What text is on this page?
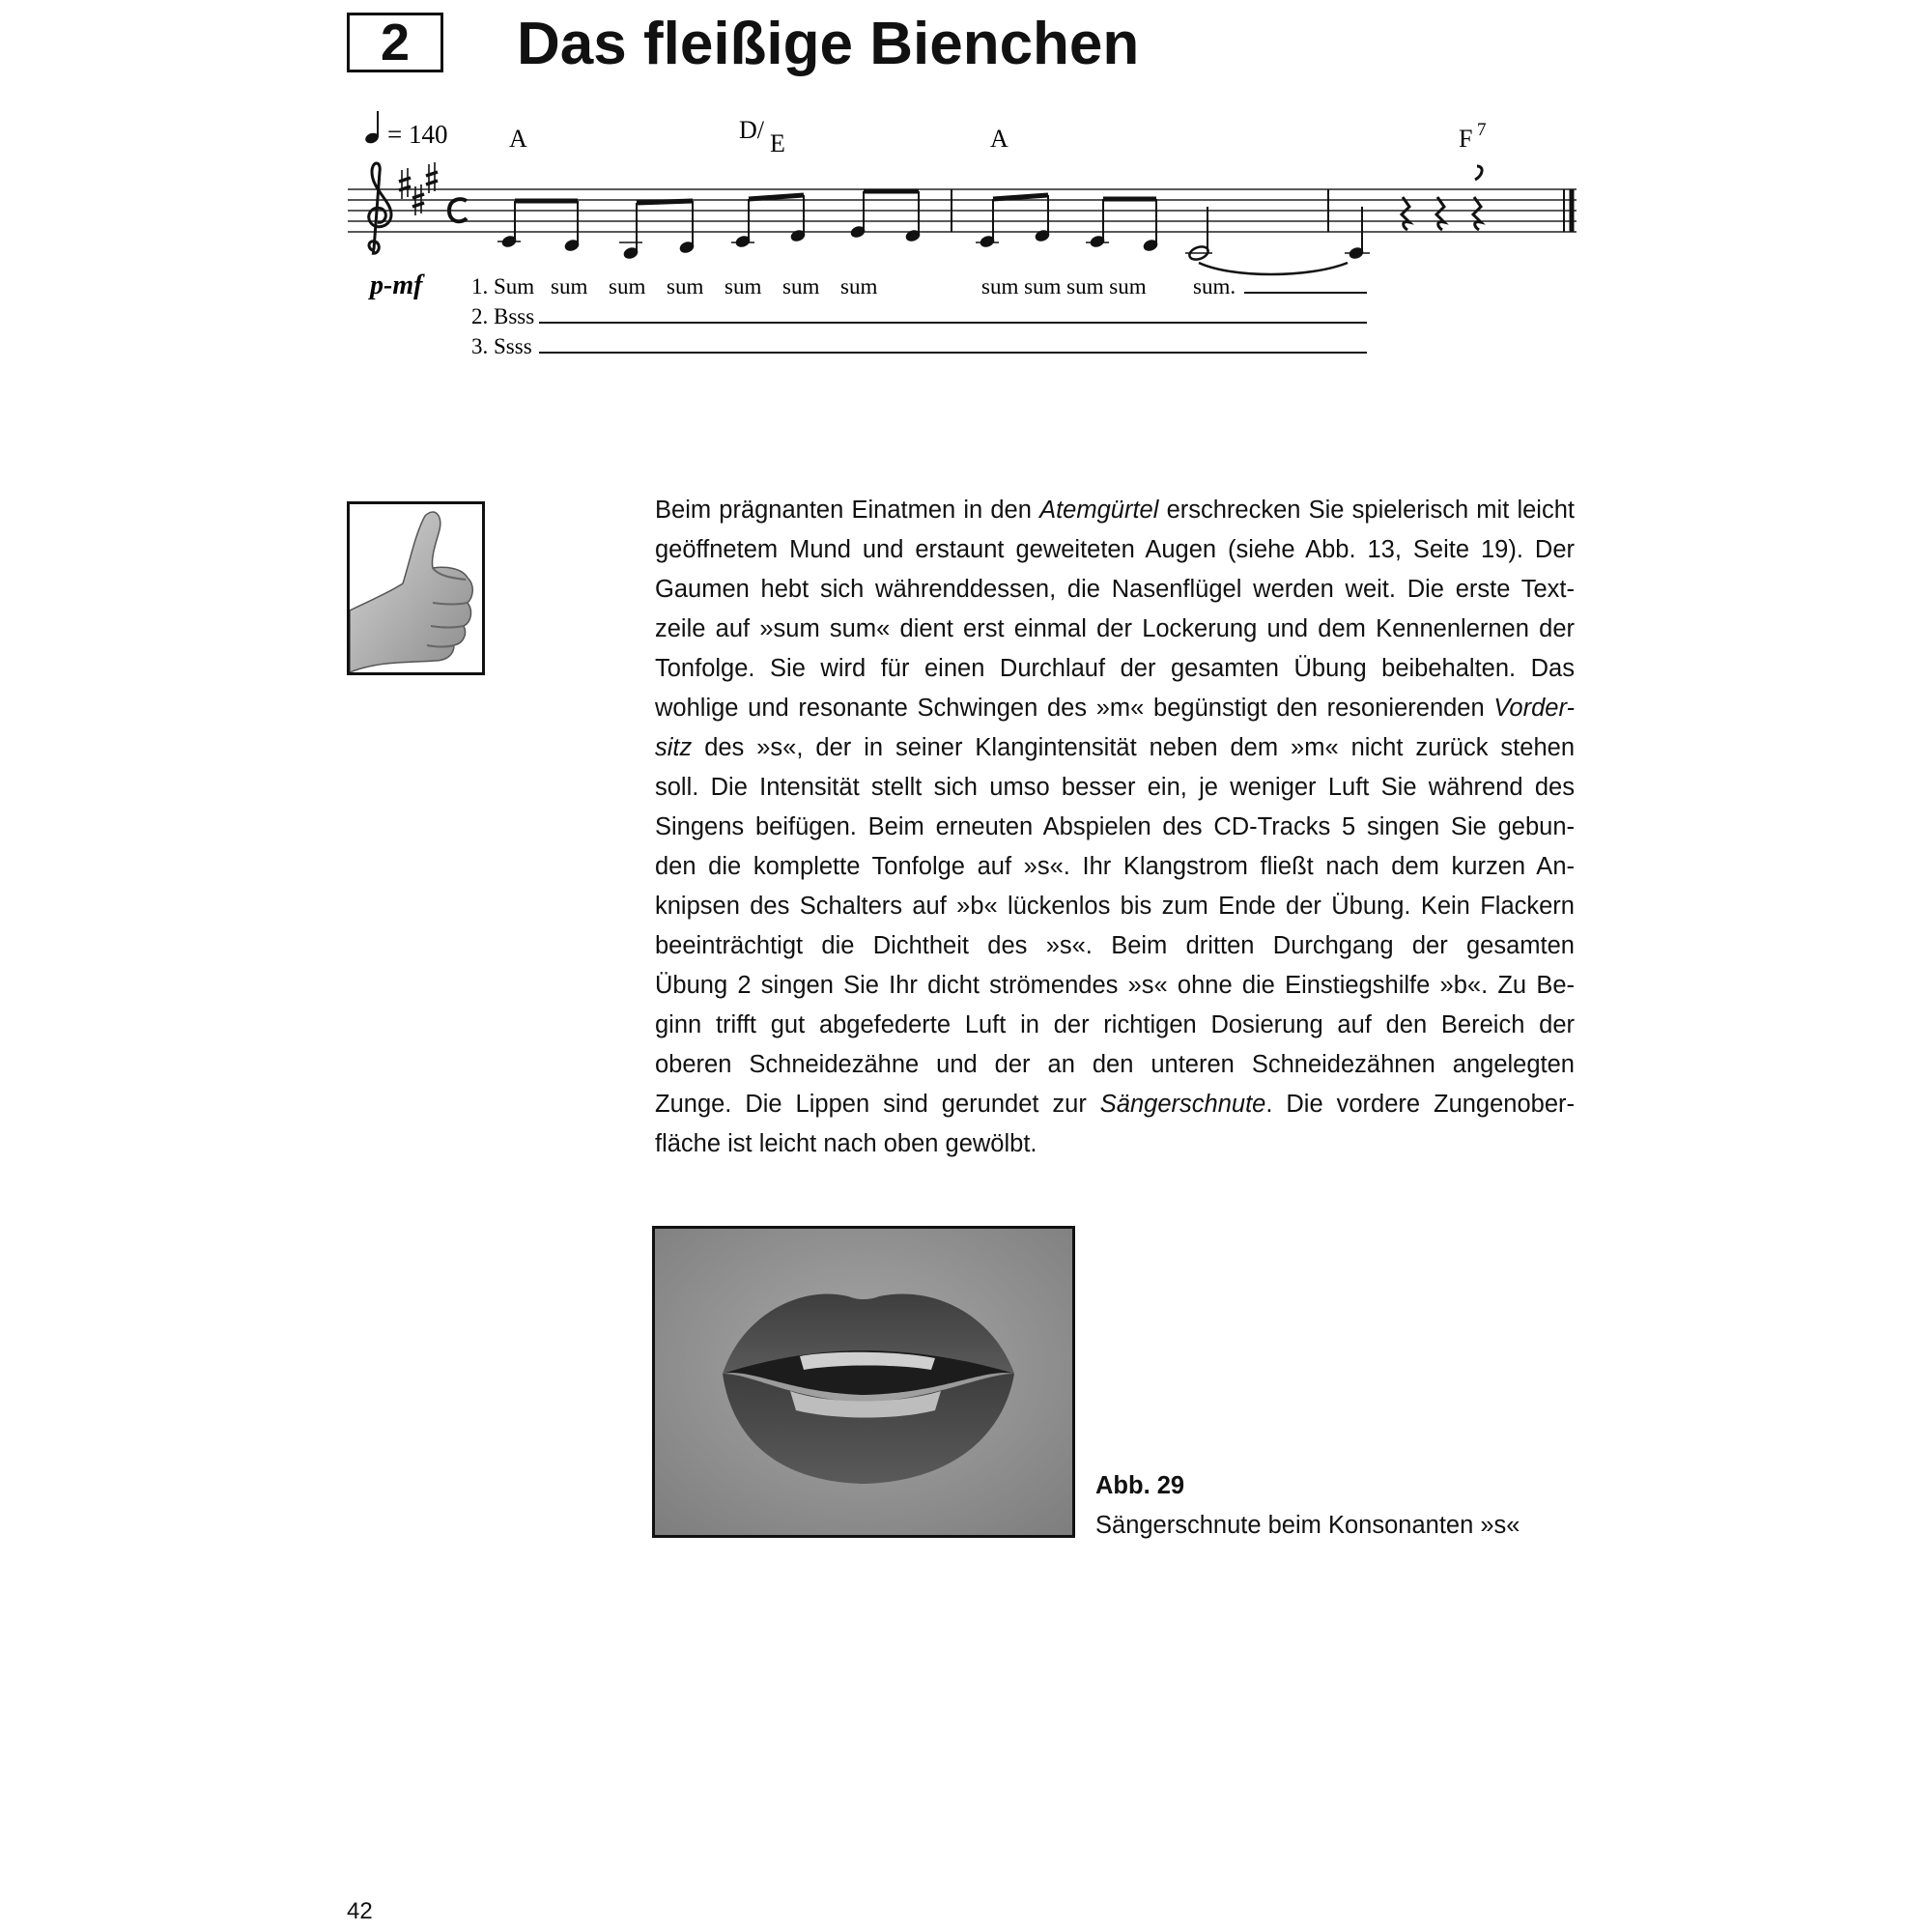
2 Das fleißige Bienchen
= 140 A	D/ E	A	F 7
p-mf 1. Sum sum sum sum sum sum sum	sum sum sum sum sum.
2. Bsss
3. Ssss
Beim prägnanten Einatmen in den Atemgürtel erschrecken Sie spielerisch mit leicht
geöffnetem Mund und erstaunt geweiteten Augen (siehe Abb. 13, Seite 19). Der
Gaumen hebt sich währenddessen, die Nasenflügel werden weit. Die erste Text-
zeile auf »sum sum« dient erst einmal der Lockerung und dem Kennenlernen der
Tonfolge. Sie wird für einen Durchlauf der gesamten Übung beibehalten. Das
wohlige und resonante Schwingen des »m« begünstigt den resonierenden Vorder-
sitz des »s«, der in seiner Klangintensität neben dem »m« nicht zurück stehen
soll. Die Intensität stellt sich umso besser ein, je weniger Luft Sie während des
Singens beifügen. Beim erneuten Abspielen des CD-Tracks 5 singen Sie gebun-
den die komplette Tonfolge auf »s«. Ihr Klangstrom fließt nach dem kurzen An-
knipsen des Schalters auf »b« lückenlos bis zum Ende der Übung. Kein Flackern
beeinträchtigt die Dichtheit des »s«. Beim dritten Durchgang der gesamten
Übung 2 singen Sie Ihr dicht strömendes »s« ohne die Einstiegshilfe »b«. Zu Be-
ginn trifft gut abgefederte Luft in der richtigen Dosierung auf den Bereich der
oberen Schneidezähne und der an den unteren Schneidezähnen angelegten
Zunge. Die Lippen sind gerundet zur Sängerschnute. Die vordere Zungenober-
fläche ist leicht nach oben gewölbt.
Abb. 29
Sängerschnute beim Konsonanten »s«
42
